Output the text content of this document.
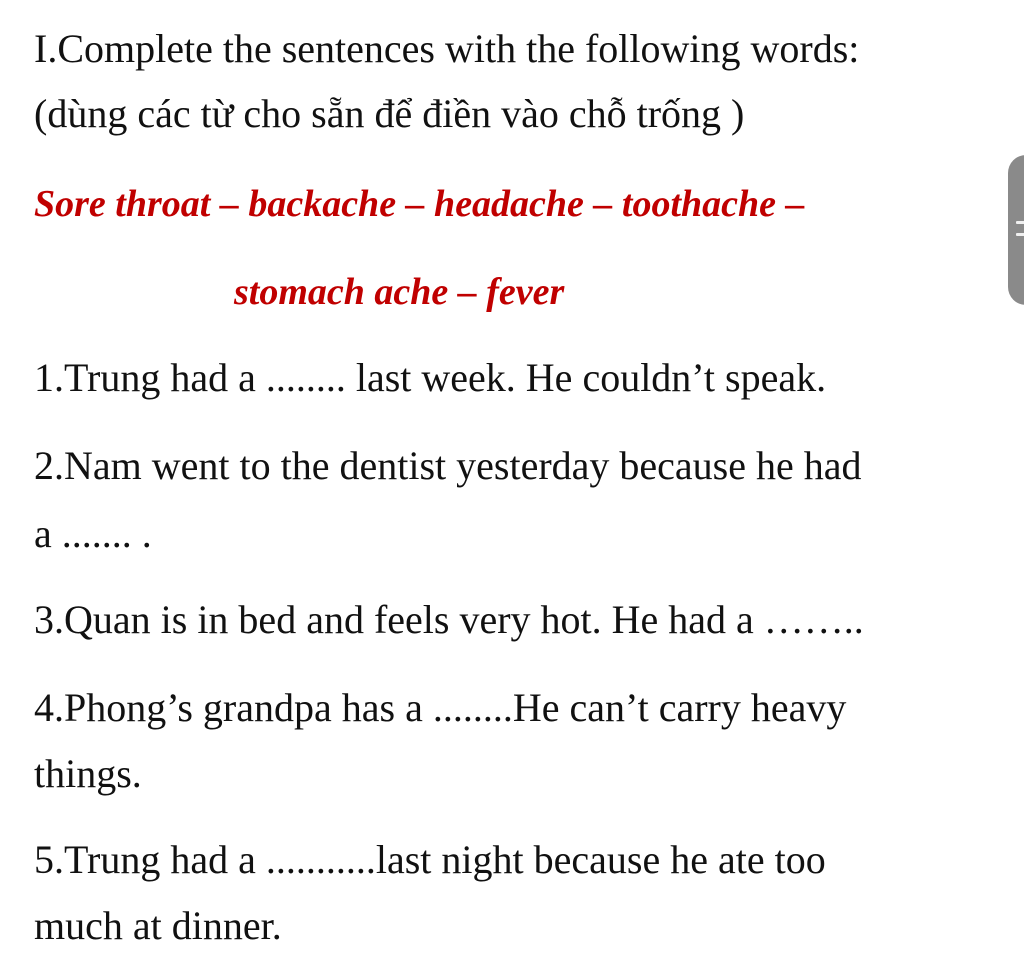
I.Complete the sentences with the following words:
(dùng các từ cho sẵn để điền vào chỗ trống )
Sore throat – backache – headache – toothache –
stomach ache – fever
1.Trung had a ........ last week. He couldn’t speak.
2.Nam went to the dentist yesterday because he had
a ....... .
3.Quan is in bed and feels very hot. He had a ……..
4.Phong’s grandpa has a ........He can’t carry heavy
things.
5.Trung had a ...........last night because he ate too
much at dinner.
